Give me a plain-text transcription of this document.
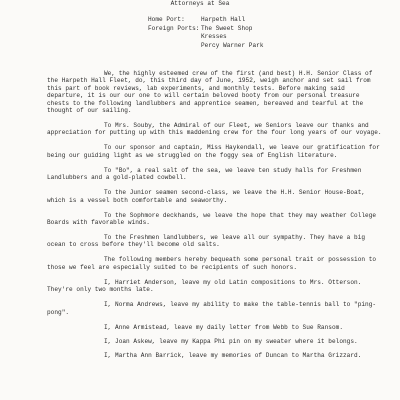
Attorneys at Sea
Home Port:	Harpeth Hall
Foreign Ports: The Sweet Shop
Kresses
Percy Warner Park

We, the highly esteemed crew of the first (and best) H.H. Senior Class of the Harpeth Hall Fleet, do, this third day of June, 1952, weigh anchor and set sail from this part of book reviews, lab experiments, and monthly tests. Before making said departure, it is our our one to will certain beloved booty from our personal treasure chests to the following landlubbers and apprentice seamen, bereaved and tearful at the thought of our sailing.

To Mrs. Souby, the Admiral of our Fleet, we Seniors leave our thanks and appreciation for putting up with this maddening crew for the four long years of our voyage.

To our sponsor and captain, Miss Haykendall, we leave our gratification for being our guiding light as we struggled on the foggy sea of English literature.

To "Bo", a real salt of the sea, we leave ten study halls for Freshmen Landlubbers and a gold-plated cowbell.

To the Junior seamen second-class, we leave the H.H. Senior House-Boat, which is a vessel both comfortable and seaworthy.

To the Sophmore deckhands, we leave the hope that they may weather College Boards with favorable winds.

To the Freshmen landlubbers, we leave all our sympathy. They have a big ocean to cross before they'll become old salts.

The following members hereby bequeath some personal trait or possession to those we feel are especially suited to be recipients of such honors.

I, Harriet Anderson, leave my old Latin compositions to Mrs. Otterson. They're only two months late.

I, Norma Andrews, leave my ability to make the table-tennis ball to "ping-pong".

I, Anne Armistead, leave my daily letter from Webb to Sue Ransom.

I, Joan Askew, leave my Kappa Phi pin on my sweater where it belongs.

I, Martha Ann Barrick, leave my memories of Duncan to Martha Grizzard.
